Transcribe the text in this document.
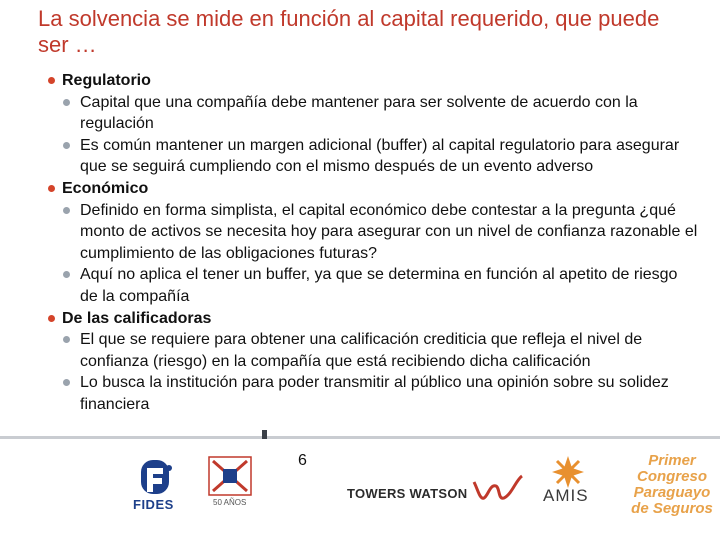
La solvencia se mide en función al capital requerido, que puede ser …
Regulatorio
Capital que una compañía debe mantener para ser solvente de acuerdo con la regulación
Es común mantener un margen adicional (buffer) al capital regulatorio para asegurar que se seguirá cumpliendo con el mismo después de un evento adverso
Económico
Definido en forma simplista, el capital económico debe contestar a la pregunta ¿qué monto de activos se necesita hoy para asegurar con un nivel de confianza razonable el cumplimiento de las obligaciones futuras?
Aquí no aplica el tener un buffer, ya que se determina en función al apetito de riesgo de la compañía
De las calificadoras
El que se requiere para obtener una calificación crediticia que refleja el nivel de confianza (riesgo) en la compañía que está recibiendo dicha calificación
Lo busca la institución para poder transmitir al público una opinión sobre su solidez financiera
6
FIDES	50 AÑOS
TOWERS WATSON	AMIS
Primer
Congreso
Paraguayo
de Seguros
